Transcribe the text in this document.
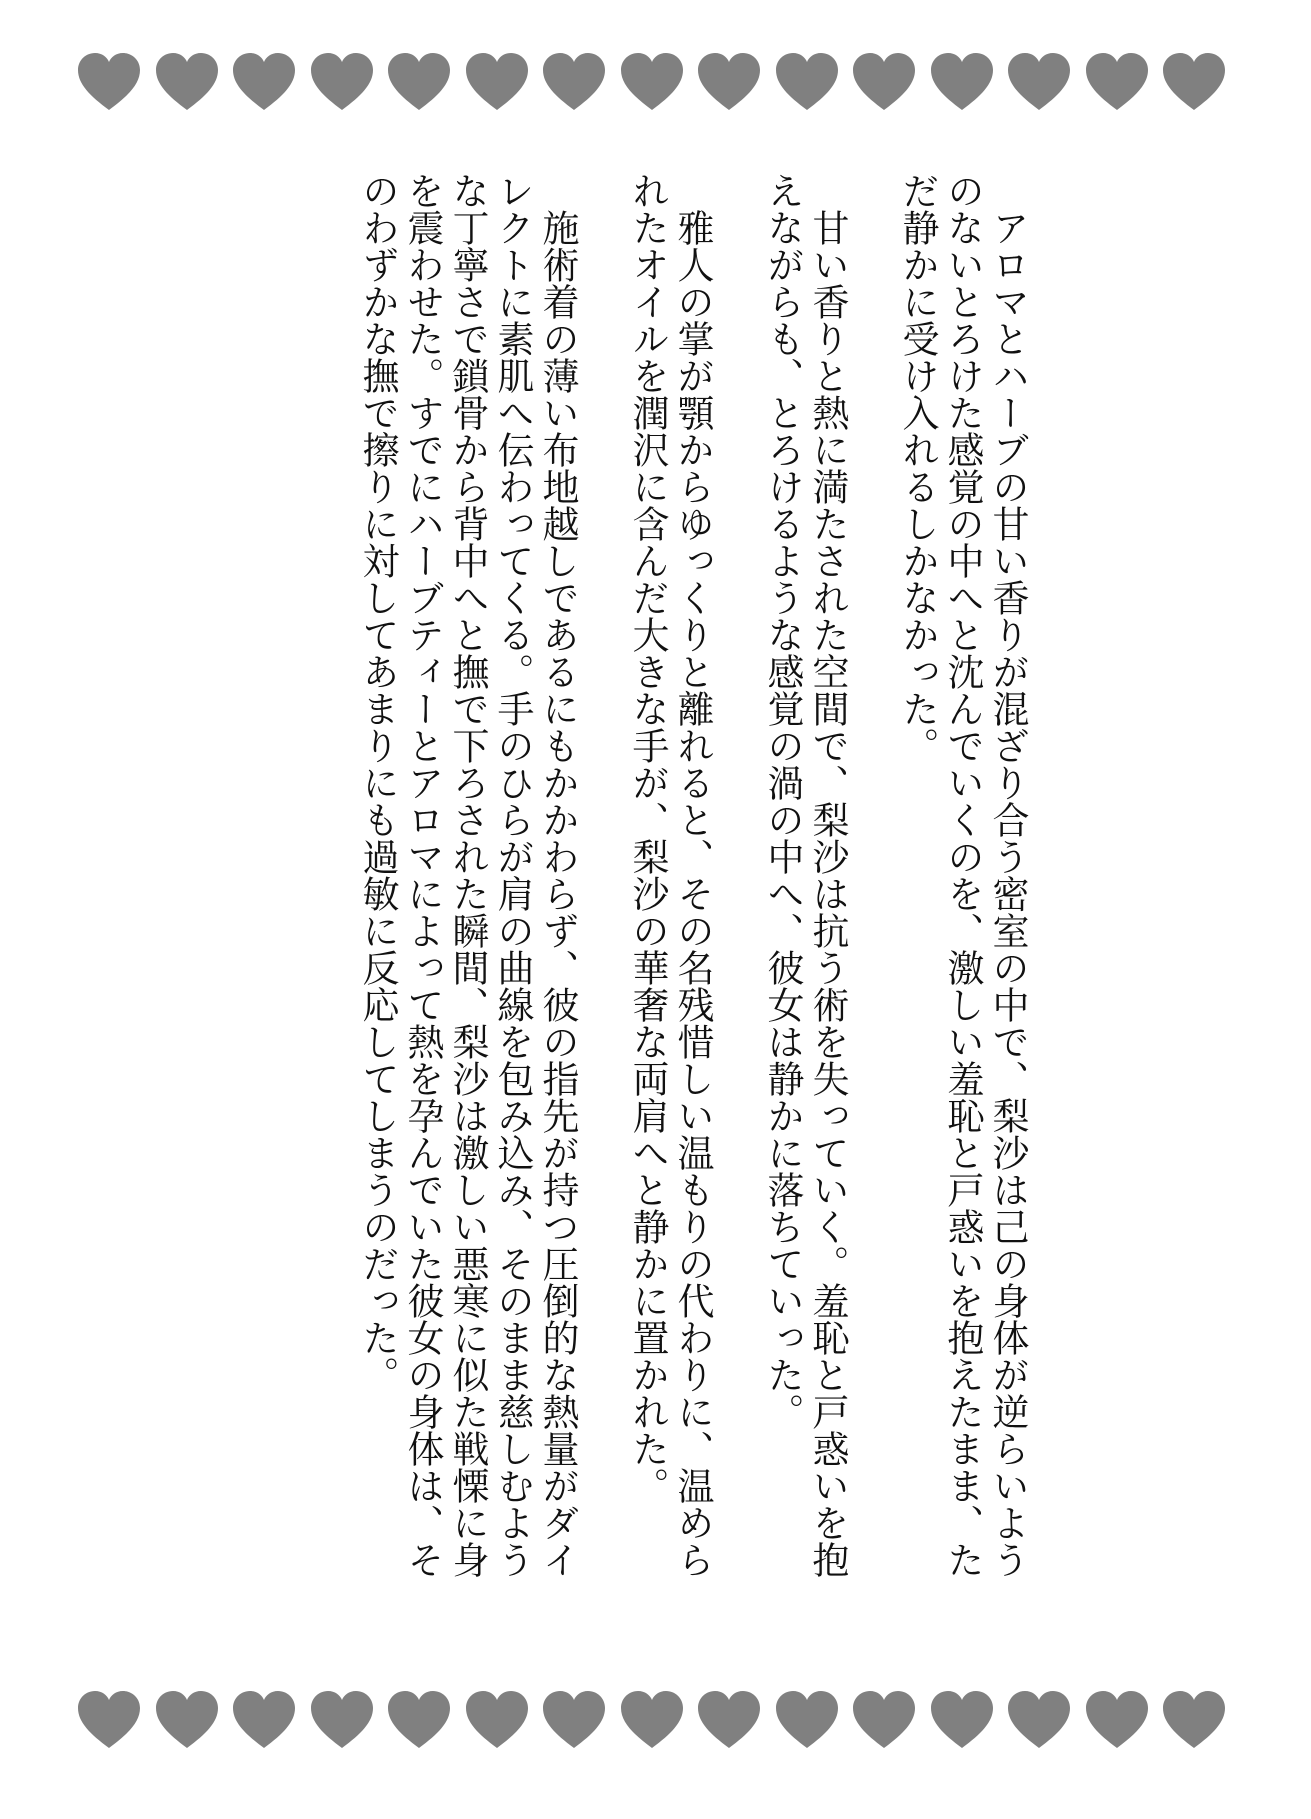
アロマとハーブの甘い香りが混ざり合う密室の中で、梨沙は己の身体が逆らいようのないとろけた感覚の中へと沈んでいくのを、激しい羞恥と戸惑いを抱えたまま、ただ静かに受け入れるしかなかった。

甘い香りと熱に満たされた空間で、梨沙は抗う術を失っていく。羞恥と戸惑いを抱えながらも、とろけるような感覚の渦の中へ、彼女は静かに落ちていった。

雅人の掌が顎からゆっくりと離れると、その名残惜しい温もりの代わりに、温められたオイルを潤沢に含んだ大きな手が、梨沙の華奢な両肩へと静かに置かれた。

施術着の薄い布地越しであるにもかかわらず、彼の指先が持つ圧倒的な熱量がダイレクトに素肌へ伝わってくる。手のひらが肩の曲線を包み込み、そのまま慈しむような丁寧さで鎖骨から背中へと撫で下ろされた瞬間、梨沙は激しい悪寒に似た戦慄に身を震わせた。すでにハーブティーとアロマによって熱を孕んでいた彼女の身体は、そのわずかな撫で擦りに対してあまりにも過敏に反応してしまうのだった。
